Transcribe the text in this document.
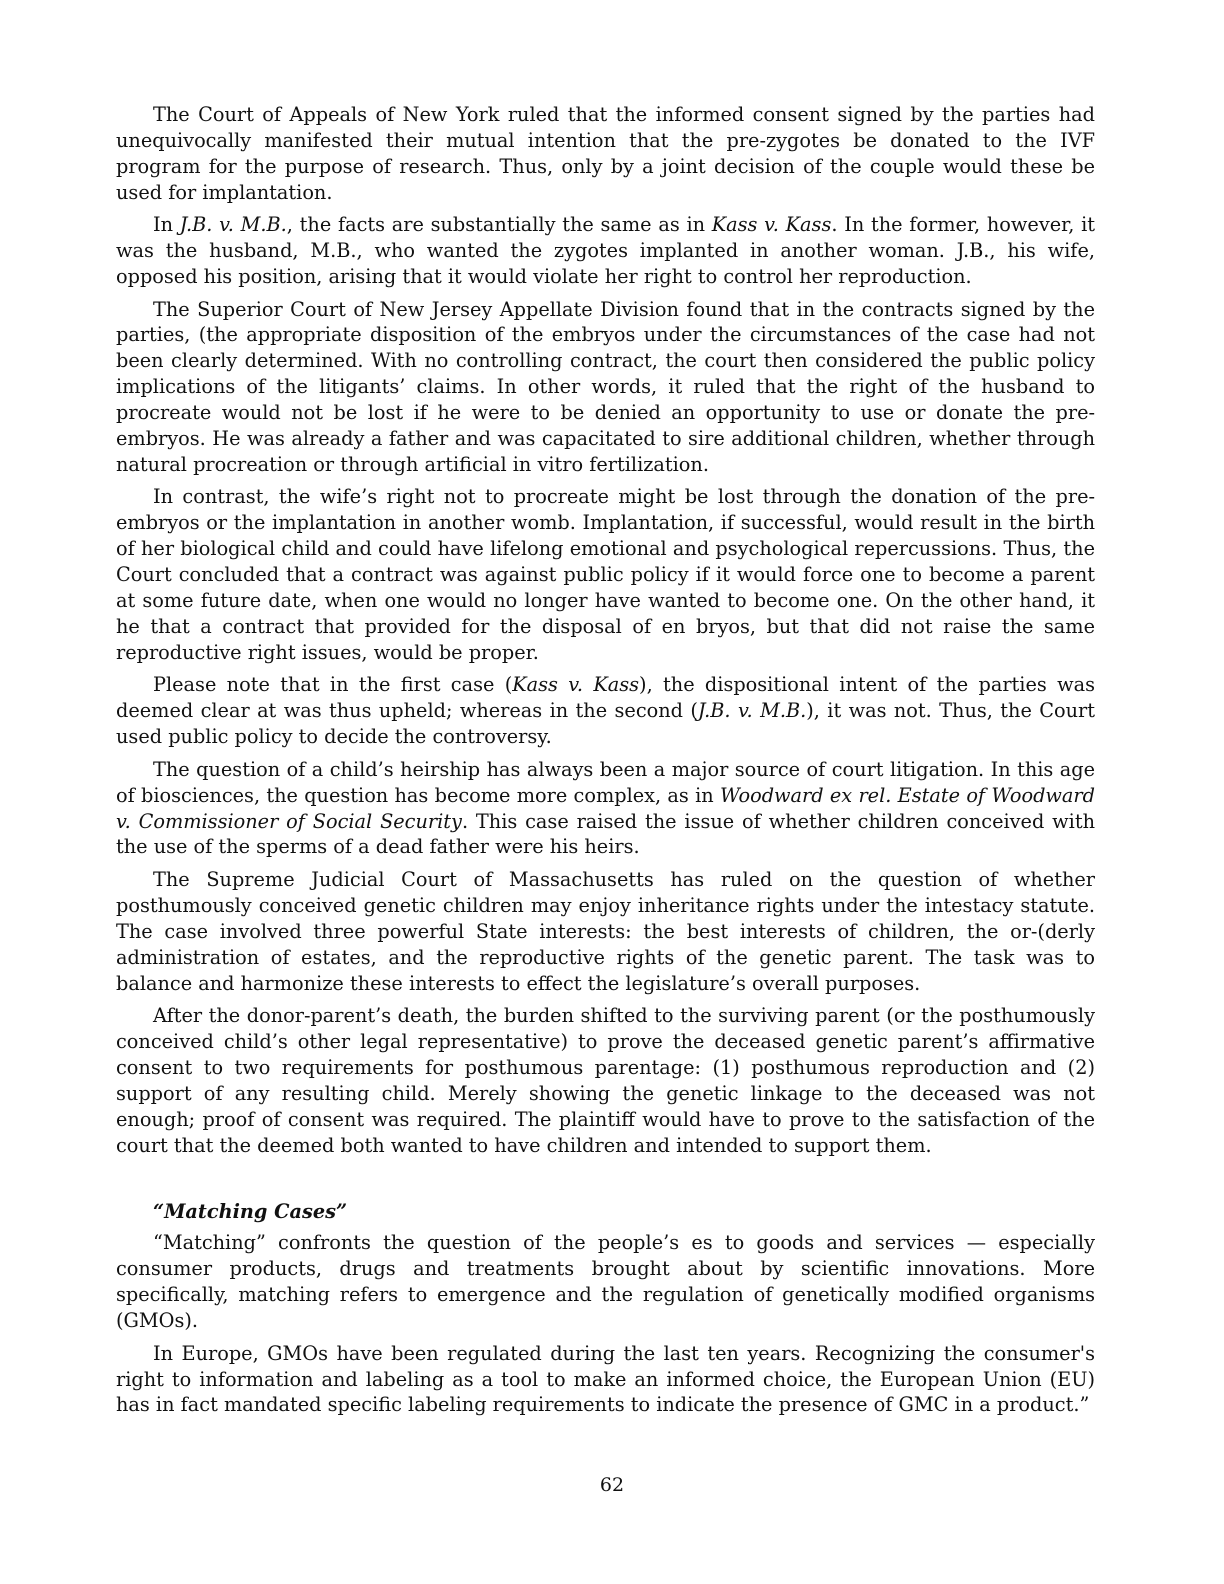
The Court of Appeals of New York ruled that the informed consent signed by the parties had unequivocally manifested their mutual intention that the pre-zygotes be donated to the IVF program for the purpose of research. Thus, only by a joint decision of the couple would these be used for implantation.

In J.B. v. M.B., the facts are substantially the same as in Kass v. Kass. In the former, however, it was the husband, M.B., who wanted the zygotes implanted in another woman. J.B., his wife, opposed his position, arising that it would violate her right to control her reproduction.

The Superior Court of New Jersey Appellate Division found that in the contracts signed by the parties, (the appropriate disposition of the embryos under the circumstances of the case had not been clearly determined. With no controlling contract, the court then considered the public policy implications of the litigants’ claims. In other words, it ruled that the right of the husband to procreate would not be lost if he were to be denied an opportunity to use or donate the pre-embryos. He was already a father and was capacitated to sire additional children, whether through natural procreation or through artificial in vitro fertilization.

In contrast, the wife’s right not to procreate might be lost through the donation of the pre-embryos or the implantation in another womb. Implantation, if successful, would result in the birth of her biological child and could have lifelong emotional and psychological repercussions. Thus, the Court concluded that a contract was against public policy if it would force one to become a parent at some future date, when one would no longer have wanted to become one. On the other hand, it he that a contract that provided for the disposal of en bryos, but that did not raise the same reproductive right issues, would be proper.

Please note that in the first case (Kass v. Kass), the dispositional intent of the parties was deemed clear at was thus upheld; whereas in the second (J.B. v. M.B.), it was not. Thus, the Court used public policy to decide the controversy.

The question of a child’s heirship has always been a major source of court litigation. In this age of biosciences, the question has become more complex, as in Woodward ex rel. Estate of Woodward v. Commissioner of Social Security. This case raised the issue of whether children conceived with the use of the sperms of a dead father were his heirs.

The Supreme Judicial Court of Massachusetts has ruled on the question of whether posthumously conceived genetic children may enjoy inheritance rights under the intestacy statute. The case involved three powerful State interests: the best interests of children, the or-(derly administration of estates, and the reproductive rights of the genetic parent. The task was to balance and harmonize these interests to effect the legislature’s overall purposes.

After the donor-parent’s death, the burden shifted to the surviving parent (or the posthumously conceived child’s other legal representative) to prove the deceased genetic parent’s affirmative consent to two requirements for posthumous parentage: (1) posthumous reproduction and (2) support of any resulting child. Merely showing the genetic linkage to the deceased was not enough; proof of consent was required. The plaintiff would have to prove to the satisfaction of the court that the deemed both wanted to have children and intended to support them.

“Matching Cases”

“Matching” confronts the question of the people’s es to goods and services — especially consumer products, drugs and treatments brought about by scientific innovations. More specifically, matching refers to emergence and the regulation of genetically modified organisms (GMOs).

In Europe, GMOs have been regulated during the last ten years. Recognizing the consumer's right to information and labeling as a tool to make an informed choice, the European Union (EU) has in fact mandated specific labeling requirements to indicate the presence of GMC in a product.”

62
